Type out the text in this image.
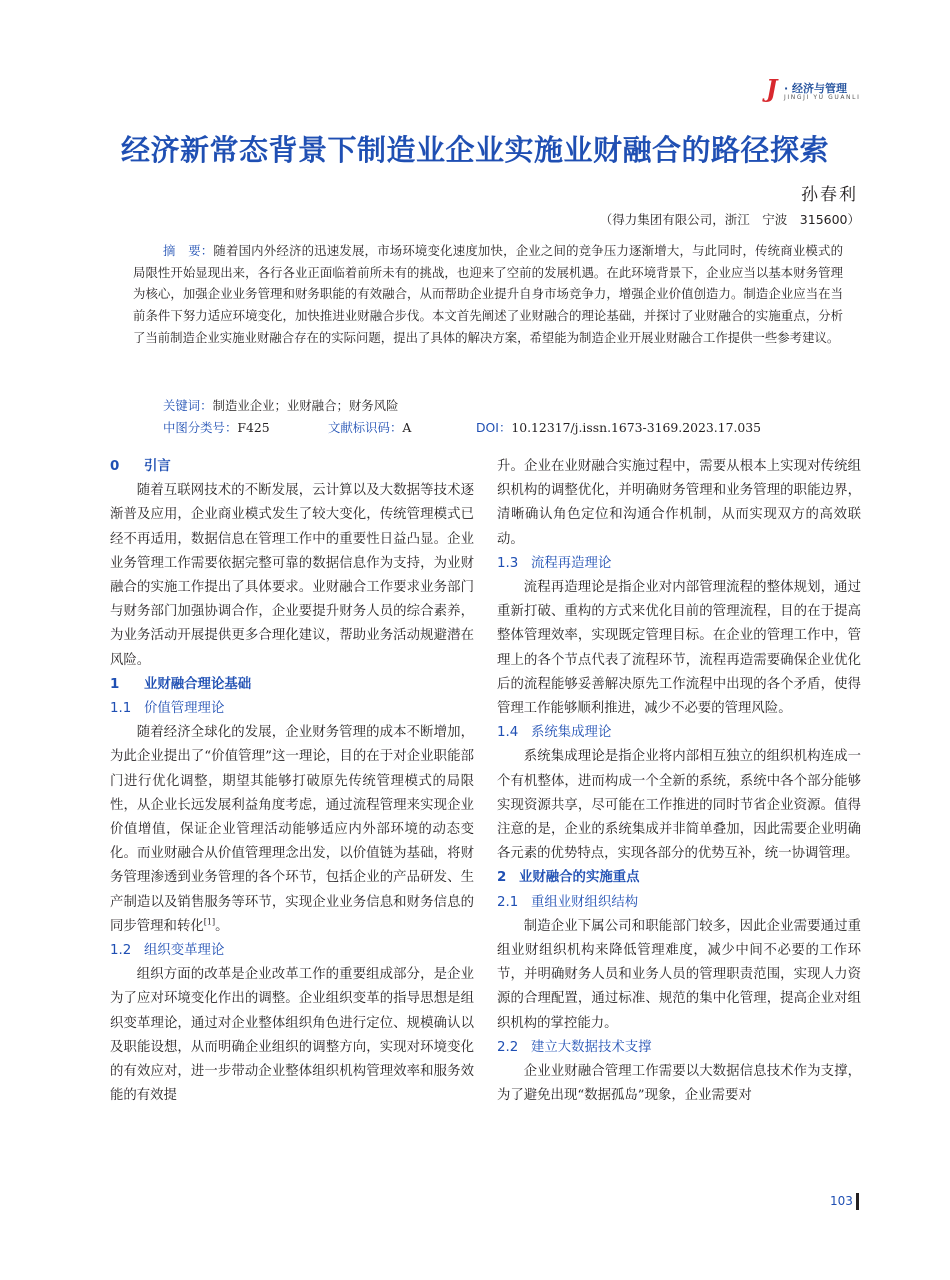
J · 经济与管理
JINGJI YU GUANLI
经济新常态背景下制造业企业实施业财融合的路径探索
孙春利
（得力集团有限公司，浙江　宁波　315600）
摘　要：随着国内外经济的迅速发展，市场环境变化速度加快，企业之间的竞争压力逐渐增大，与此同时，传统商业模式的局限性开始显现出来，各行各业正面临着前所未有的挑战，也迎来了空前的发展机遇。在此环境背景下，企业应当以基本财务管理为核心，加强企业业务管理和财务职能的有效融合，从而帮助企业提升自身市场竞争力，增强企业价值创造力。制造企业应当在当前条件下努力适应环境变化，加快推进业财融合步伐。本文首先阐述了业财融合的理论基础，并探讨了业财融合的实施重点，分析了当前制造企业实施业财融合存在的实际问题，提出了具体的解决方案，希望能为制造企业开展业财融合工作提供一些参考建议。
关键词：制造业企业；业财融合；财务风险
中图分类号：F425	文献标识码：A	DOI：10.12317/j.issn.1673-3169.2023.17.035
0 引言

随着互联网技术的不断发展，云计算以及大数据等技术逐渐普及应用，企业商业模式发生了较大变化，传统管理模式已经不再适用，数据信息在管理工作中的重要性日益凸显。企业业务管理工作需要依据完整可靠的数据信息作为支持，为业财融合的实施工作提出了具体要求。业财融合工作要求业务部门与财务部门加强协调合作，企业要提升财务人员的综合素养，为业务活动开展提供更多合理化建议，帮助业务活动规避潜在风险。

1 业财融合理论基础
1.1 价值管理理论

随着经济全球化的发展，企业财务管理的成本不断增加，为此企业提出了“价值管理”这一理论，目的在于对企业职能部门进行优化调整，期望其能够打破原先传统管理模式的局限性，从企业长远发展利益角度考虑，通过流程管理来实现企业价值增值，保证企业管理活动能够适应内外部环境的动态变化。而业财融合从价值管理理念出发，以价值链为基础，将财务管理渗透到业务管理的各个环节，包括企业的产品研发、生产制造以及销售服务等环节，实现企业业务信息和财务信息的同步管理和转化[1]。

1.2 组织变革理论

组织方面的改革是企业改革工作的重要组成部分，是企业为了应对环境变化作出的调整。企业组织变革的指导思想是组织变革理论，通过对企业整体组织角色进行定位、规模确认以及职能设想，从而明确企业组织的调整方向，实现对环境变化的有效应对，进一步带动企业整体组织机构管理效率和服务效能的有效提

升。企业在业财融合实施过程中，需要从根本上实现对传统组织机构的调整优化，并明确财务管理和业务管理的职能边界，清晰确认角色定位和沟通合作机制，从而实现双方的高效联动。

1.3 流程再造理论

流程再造理论是指企业对内部管理流程的整体规划，通过重新打破、重构的方式来优化目前的管理流程，目的在于提高整体管理效率，实现既定管理目标。在企业的管理工作中，管理上的各个节点代表了流程环节，流程再造需要确保企业优化后的流程能够妥善解决原先工作流程中出现的各个矛盾，使得管理工作能够顺利推进，减少不必要的管理风险。

1.4 系统集成理论

系统集成理论是指企业将内部相互独立的组织机构连成一个有机整体，进而构成一个全新的系统，系统中各个部分能够实现资源共享，尽可能在工作推进的同时节省企业资源。值得注意的是，企业的系统集成并非简单叠加，因此需要企业明确各元素的优势特点，实现各部分的优势互补，统一协调管理。

2 业财融合的实施重点
2.1 重组业财组织结构

制造企业下属公司和职能部门较多，因此企业需要通过重组业财组织机构来降低管理难度，减少中间不必要的工作环节，并明确财务人员和业务人员的管理职责范围，实现人力资源的合理配置，通过标准、规范的集中化管理，提高企业对组织机构的掌控能力。

2.2 建立大数据技术支撑

企业业财融合管理工作需要以大数据信息技术作为支撑，为了避免出现“数据孤岛”现象，企业需要对

103
